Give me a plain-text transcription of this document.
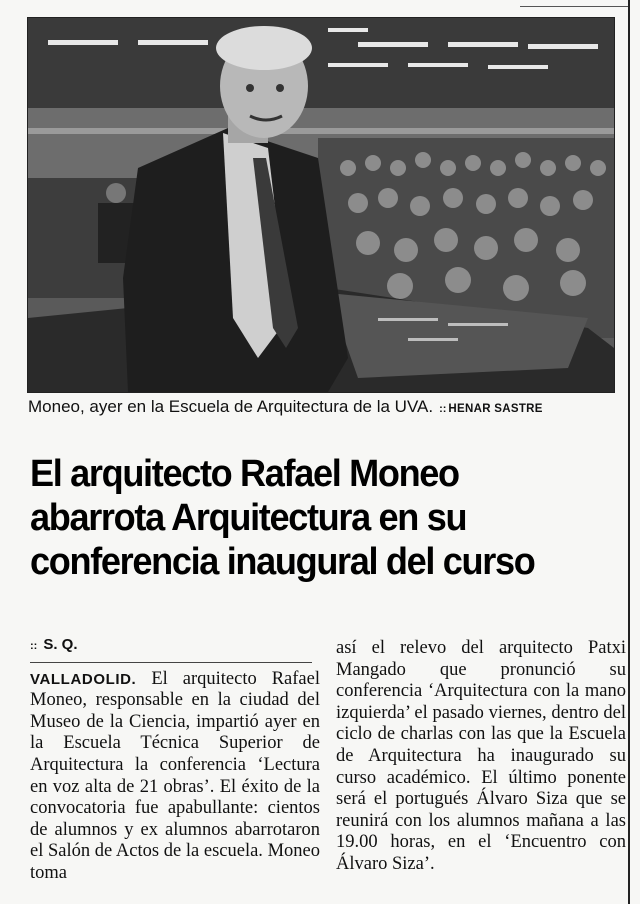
Moneo, ayer en la Escuela de Arquitectura de la UVA. :: HENAR SASTRE
El arquitecto Rafael Moneo
abarrota Arquitectura en su
conferencia inaugural del curso
:: S. Q.

VALLADOLID. El arquitecto Rafael Moneo, responsable en la ciudad del Museo de la Ciencia, impartió ayer en la Escuela Técnica Superior de Arquitectura la conferencia ‘Lectura en voz alta de 21 obras’. El éxito de la convocatoria fue apabullante: cientos de alumnos y ex alumnos abarrotaron el Salón de Actos de la escuela. Moneo toma

así el relevo del arquitecto Patxi Mangado que pronunció su conferencia ‘Arquitectura con la mano izquierda’ el pasado viernes, dentro del ciclo de charlas con las que la Escuela de Arquitectura ha inaugurado su curso académico. El último ponente será el portugués Álvaro Siza que se reunirá con los alumnos mañana a las 19.00 horas, en el ‘Encuentro con Álvaro Siza’.
